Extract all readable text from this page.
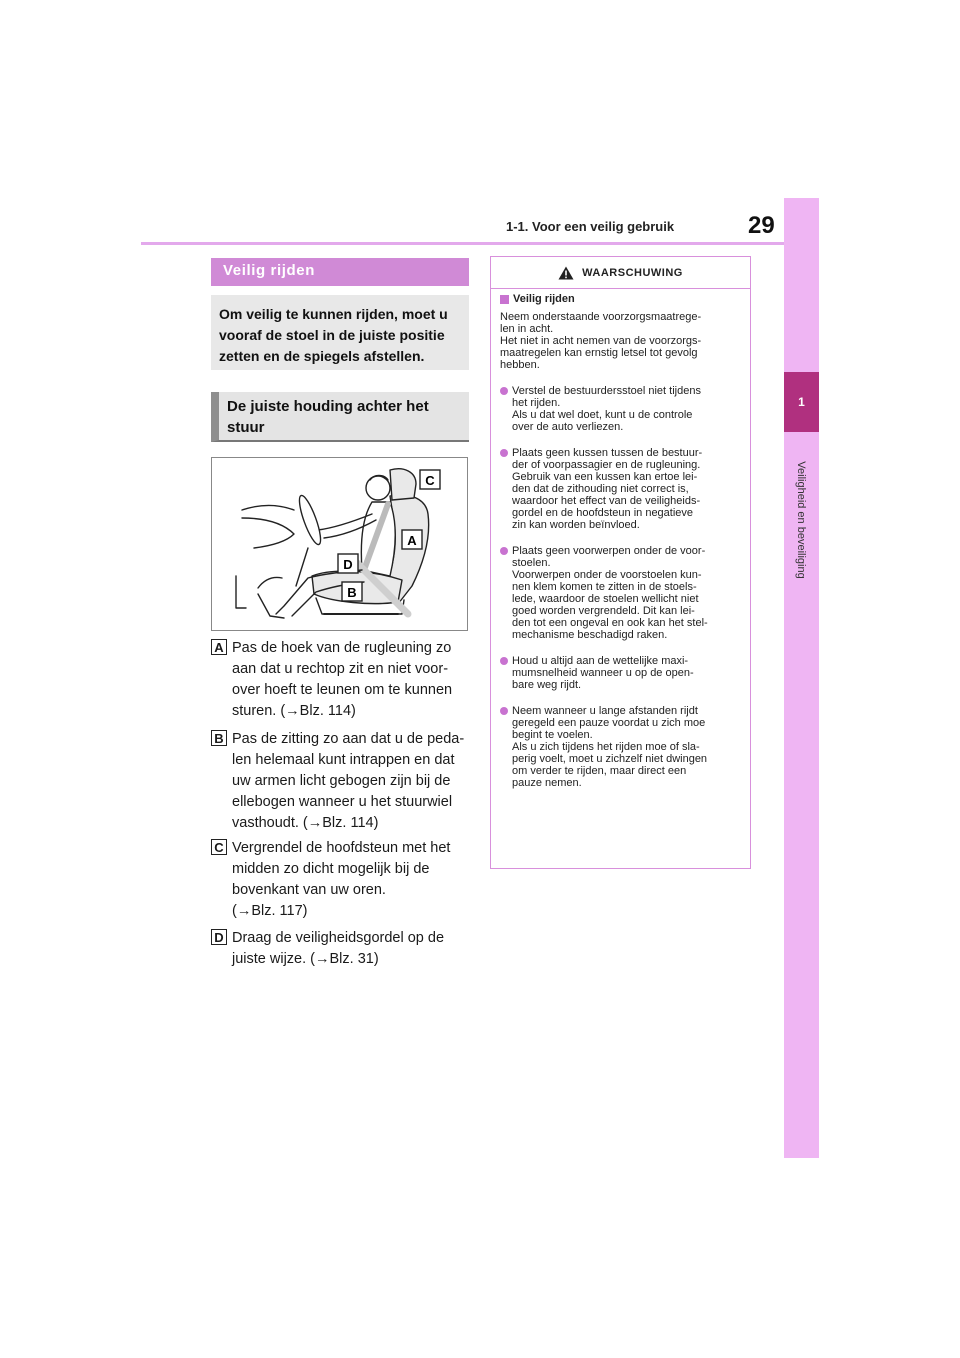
1-1. Voor een veilig gebruik	29
1
Veiligheid en beveiliging
Veilig rijden
Om veilig te kunnen rijden, moet u
vooraf de stoel in de juiste positie
zetten en de spiegels afstellen.
De juiste houding achter het
stuur
C
A
D
B
A Pas de hoek van de rugleuning zo
aan dat u rechtop zit en niet voor-
over hoeft te leunen om te kunnen
sturen. (→Blz. 114)
B Pas de zitting zo aan dat u de peda-
len helemaal kunt intrappen en dat
uw armen licht gebogen zijn bij de
ellebogen wanneer u het stuurwiel
vasthoudt. (→Blz. 114)
C Vergrendel de hoofdsteun met het
midden zo dicht mogelijk bij de
bovenkant van uw oren.
(→Blz. 117)
D Draag de veiligheidsgordel op de
juiste wijze. (→Blz. 31)
WAARSCHUWING
Veilig rijden
Neem onderstaande voorzorgsmaatrege-
len in acht.
Het niet in acht nemen van de voorzorgs-
maatregelen kan ernstig letsel tot gevolg
hebben.
Verstel de bestuurdersstoel niet tijdens
het rijden.
Als u dat wel doet, kunt u de controle
over de auto verliezen.
Plaats geen kussen tussen de bestuur-
der of voorpassagier en de rugleuning.
Gebruik van een kussen kan ertoe lei-
den dat de zithouding niet correct is,
waardoor het effect van de veiligheids-
gordel en de hoofdsteun in negatieve
zin kan worden beïnvloed.
Plaats geen voorwerpen onder de voor-
stoelen.
Voorwerpen onder de voorstoelen kun-
nen klem komen te zitten in de stoels-
lede, waardoor de stoelen wellicht niet
goed worden vergrendeld. Dit kan lei-
den tot een ongeval en ook kan het stel-
mechanisme beschadigd raken.
Houd u altijd aan de wettelijke maxi-
mumsnelheid wanneer u op de open-
bare weg rijdt.
Neem wanneer u lange afstanden rijdt
geregeld een pauze voordat u zich moe
begint te voelen.
Als u zich tijdens het rijden moe of sla-
perig voelt, moet u zichzelf niet dwingen
om verder te rijden, maar direct een
pauze nemen.
